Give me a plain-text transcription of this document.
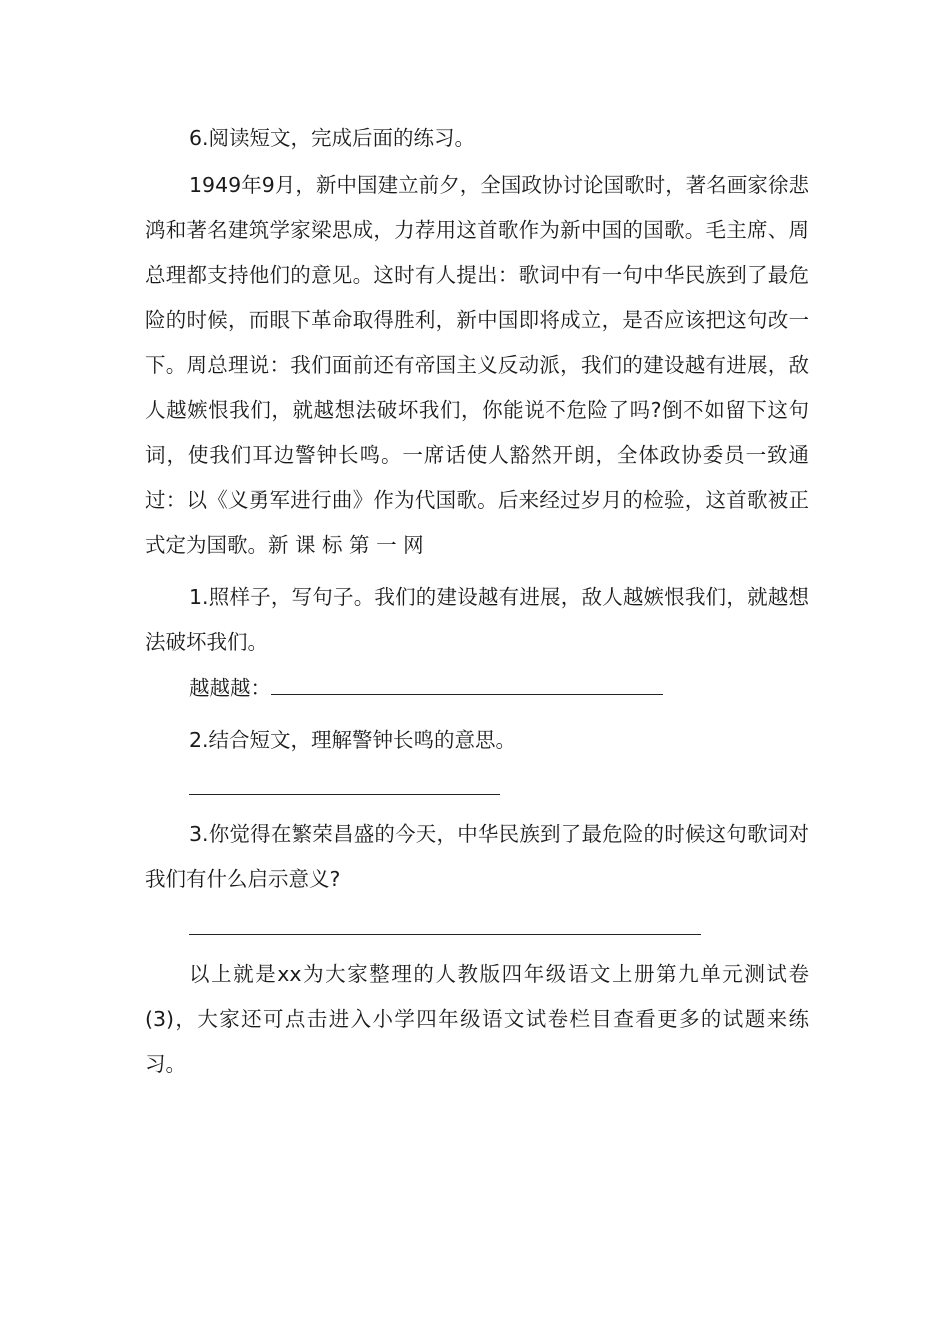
6.阅读短文，完成后面的练习。

1949年9月，新中国建立前夕，全国政协讨论国歌时，著名画家徐悲鸿和著名建筑学家梁思成，力荐用这首歌作为新中国的国歌。毛主席、周总理都支持他们的意见。这时有人提出：歌词中有一句中华民族到了最危险的时候，而眼下革命取得胜利，新中国即将成立，是否应该把这句改一下。周总理说：我们面前还有帝国主义反动派，我们的建设越有进展，敌人越嫉恨我们，就越想法破坏我们，你能说不危险了吗?倒不如留下这句词，使我们耳边警钟长鸣。一席话使人豁然开朗，全体政协委员一致通过：以《义勇军进行曲》作为代国歌。后来经过岁月的检验，这首歌被正式定为国歌。新 课 标 第 一 网

1.照样子，写句子。我们的建设越有进展，敌人越嫉恨我们，就越想法破坏我们。

越越越：

2.结合短文，理解警钟长鸣的意思。

3.你觉得在繁荣昌盛的今天，中华民族到了最危险的时候这句歌词对我们有什么启示意义?

以上就是xx为大家整理的人教版四年级语文上册第九单元测试卷(3)，大家还可点击进入小学四年级语文试卷栏目查看更多的试题来练习。
